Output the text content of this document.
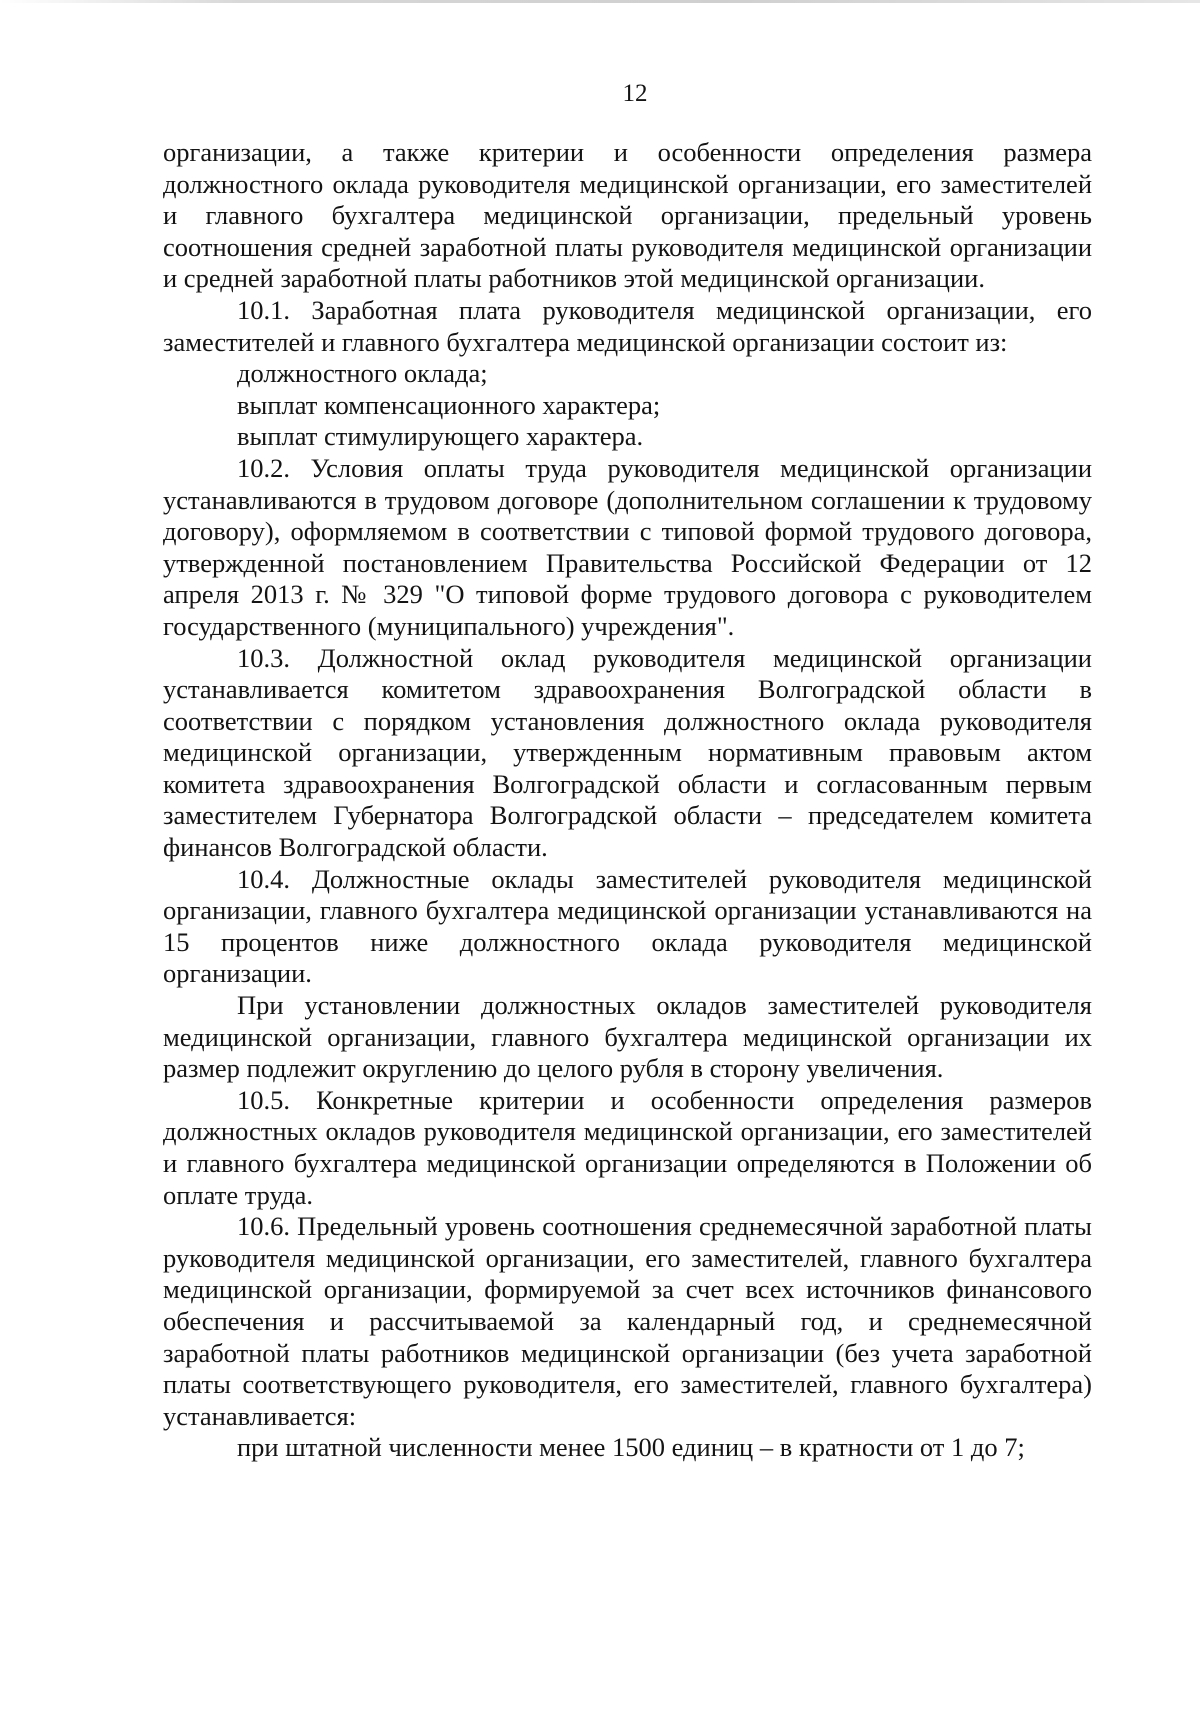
12

организации, а также критерии и особенности определения размера должностного оклада руководителя медицинской организации, его заместителей и главного бухгалтера медицинской организации, предельный уровень соотношения средней заработной платы руководителя медицинской организации и средней заработной платы работников этой медицинской организации.

10.1. Заработная плата руководителя медицинской организации, его заместителей и главного бухгалтера медицинской организации состоит из:

должностного оклада;

выплат компенсационного характера;

выплат стимулирующего характера.

10.2. Условия оплаты труда руководителя медицинской организации устанавливаются в трудовом договоре (дополнительном соглашении к трудовому договору), оформляемом в соответствии с типовой формой трудового договора, утвержденной постановлением Правительства Российской Федерации от 12 апреля 2013 г. № 329 "О типовой форме трудового договора с руководителем государственного (муниципального) учреждения".

10.3. Должностной оклад руководителя медицинской организации устанавливается комитетом здравоохранения Волгоградской области в соответствии с порядком установления должностного оклада руководителя медицинской организации, утвержденным нормативным правовым актом комитета здравоохранения Волгоградской области и согласованным первым заместителем Губернатора Волгоградской области – председателем комитета финансов Волгоградской области.

10.4. Должностные оклады заместителей руководителя медицинской организации, главного бухгалтера медицинской организации устанавливаются на 15 процентов ниже должностного оклада руководителя медицинской организации.

При установлении должностных окладов заместителей руководителя медицинской организации, главного бухгалтера медицинской организации их размер подлежит округлению до целого рубля в сторону увеличения.

10.5. Конкретные критерии и особенности определения размеров должностных окладов руководителя медицинской организации, его заместителей и главного бухгалтера медицинской организации определяются в Положении об оплате труда.

10.6. Предельный уровень соотношения среднемесячной заработной платы руководителя медицинской организации, его заместителей, главного бухгалтера медицинской организации, формируемой за счет всех источников финансового обеспечения и рассчитываемой за календарный год, и среднемесячной заработной платы работников медицинской организации (без учета заработной платы соответствующего руководителя, его заместителей, главного бухгалтера) устанавливается:

при штатной численности менее 1500 единиц – в кратности от 1 до 7;
